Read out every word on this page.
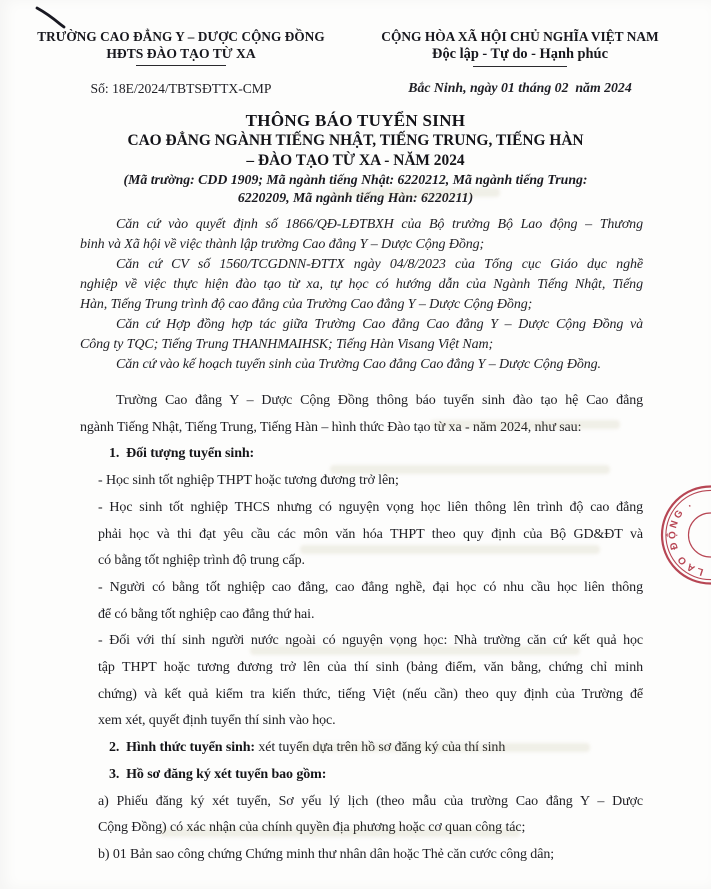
TRƯỜNG CAO ĐẲNG Y – DƯỢC CỘNG ĐỒNG
HĐTS ĐÀO TẠO TỪ XA
Số: 18E/2024/TBTSĐTTX-CMP
CỘNG HÒA XÃ HỘI CHỦ NGHĨA VIỆT NAM
Độc lập - Tự do - Hạnh phúc
Bắc Ninh, ngày 01 tháng 02  năm 2024
THÔNG BÁO TUYỂN SINH
CAO ĐẲNG NGÀNH TIẾNG NHẬT, TIẾNG TRUNG, TIẾNG HÀN
– ĐÀO TẠO TỪ XA - NĂM 2024
(Mã trường: CDD 1909; Mã ngành tiếng Nhật: 6220212, Mã ngành tiếng Trung:
6220209, Mã ngành tiếng Hàn: 6220211)
Căn cứ vào quyết định số 1866/QĐ-LĐTBXH của Bộ trưởng Bộ Lao động – Thương
binh và Xã hội về việc thành lập trường Cao đẳng Y – Dược Cộng Đồng;
Căn cứ CV số 1560/TCGDNN-ĐTTX ngày 04/8/2023 của Tổng cục Giáo dục nghề
nghiệp về việc thực hiện đào tạo từ xa, tự học có hướng dẫn của Ngành Tiếng Nhật, Tiếng
Hàn, Tiếng Trung trình độ cao đẳng của Trường Cao đẳng Y – Dược Cộng Đồng;
Căn cứ Hợp đồng hợp tác giữa Trường Cao đẳng Cao đẳng Y – Dược Cộng Đồng và
Công ty TQC; Tiếng Trung THANHMAIHSK; Tiếng Hàn Visang Việt Nam;
Căn cứ vào kế hoạch tuyển sinh của Trường Cao đẳng Cao đẳng Y – Dược Cộng Đồng.
Trường Cao đẳng Y – Dược Cộng Đồng thông báo tuyển sinh đào tạo hệ Cao đẳng
ngành Tiếng Nhật, Tiếng Trung, Tiếng Hàn – hình thức Đào tạo từ xa - năm 2024, như sau:
1.  Đối tượng tuyển sinh:
- Học sinh tốt nghiệp THPT hoặc tương đương trở lên;
- Học sinh tốt nghiệp THCS nhưng có nguyện vọng học liên thông lên trình độ cao đẳng
phải học và thi đạt yêu cầu các môn văn hóa THPT theo quy định của Bộ GD&ĐT và
có bằng tốt nghiệp trình độ trung cấp.
- Người có bằng tốt nghiệp cao đẳng, cao đẳng nghề, đại học có nhu cầu học liên thông
để có bằng tốt nghiệp cao đẳng thứ hai.
- Đối với thí sinh người nước ngoài có nguyện vọng học: Nhà trường căn cứ kết quả học
tập THPT hoặc tương đương trở lên của thí sinh (bảng điểm, văn bằng, chứng chỉ minh
chứng) và kết quả kiểm tra kiến thức, tiếng Việt (nếu cần) theo quy định của Trường để
xem xét, quyết định tuyển thí sinh vào học.
2.  Hình thức tuyển sinh: xét tuyển dựa trên hồ sơ đăng ký của thí sinh
3.  Hồ sơ đăng ký xét tuyển bao gồm:
a) Phiếu đăng ký xét tuyển, Sơ yếu lý lịch (theo mẫu của trường Cao đẳng Y – Dược
Cộng Đồng) có xác nhận của chính quyền địa phương hoặc cơ quan công tác;
b) 01 Bản sao công chứng Chứng minh thư nhân dân hoặc Thẻ căn cước công dân;
LAO ĐỘNG .
